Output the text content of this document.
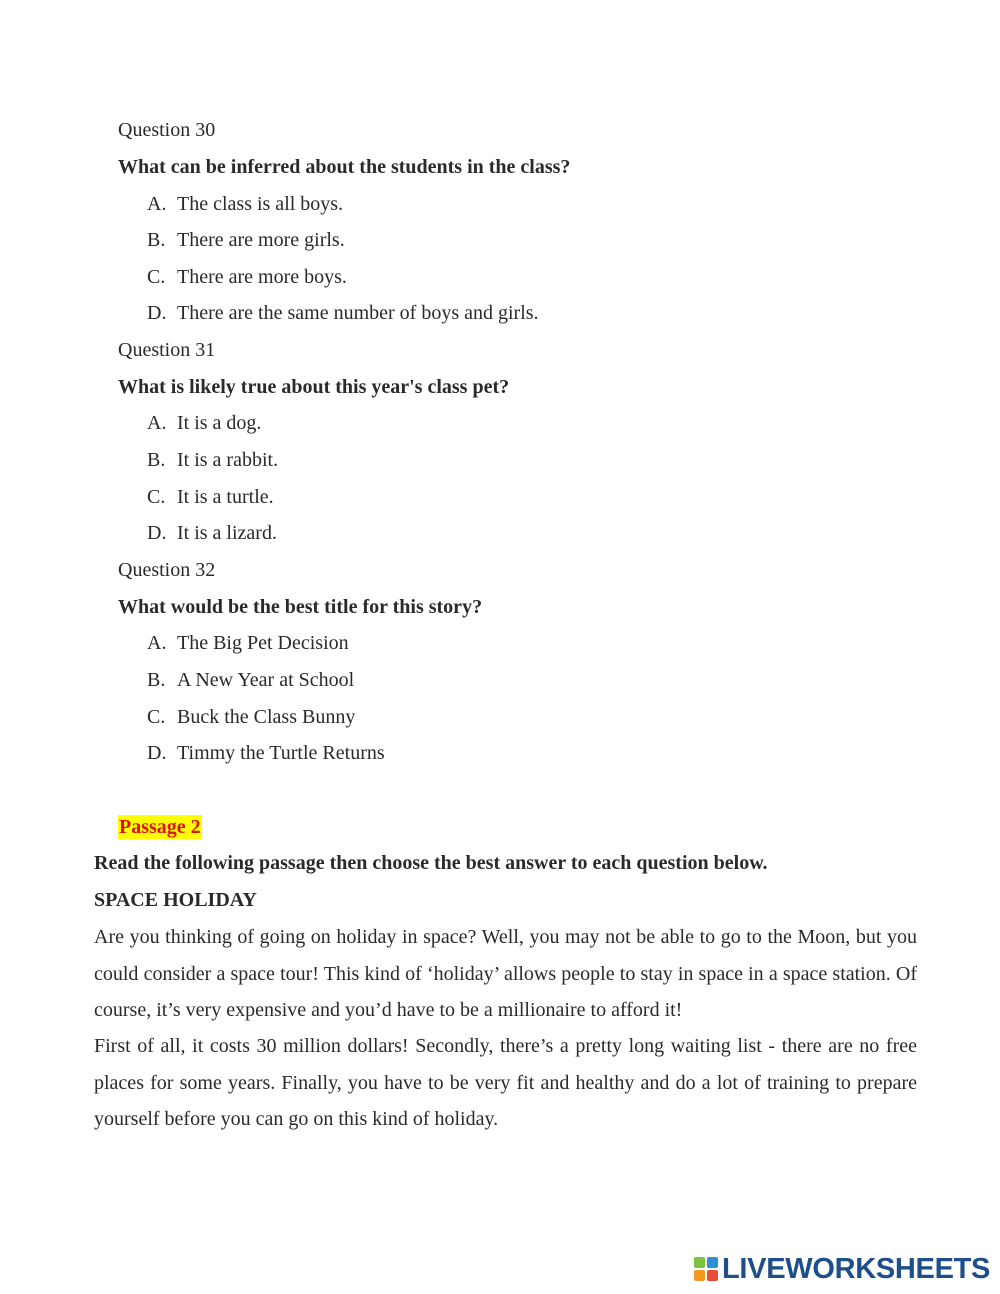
Question 30
What can be inferred about the students in the class?
A. The class is all boys.
B. There are more girls.
C. There are more boys.
D. There are the same number of boys and girls.
Question 31
What is likely true about this year's class pet?
A. It is a dog.
B. It is a rabbit.
C. It is a turtle.
D. It is a lizard.
Question 32
What would be the best title for this story?
A. The Big Pet Decision
B. A New Year at School
C. Buck the Class Bunny
D. Timmy the Turtle Returns
Passage 2
Read the following passage then choose the best answer to each question below.
SPACE HOLIDAY

Are you thinking of going on holiday in space? Well, you may not be able to go to the Moon, but you could consider a space tour! This kind of ‘holiday’ allows people to stay in space in a space station. Of course, it’s very expensive and you’d have to be a millionaire to afford it!

First of all, it costs 30 million dollars! Secondly, there’s a pretty long waiting list - there are no free places for some years. Finally, you have to be very fit and healthy and do a lot of training to prepare yourself before you can go on this kind of holiday.

LIVEWORKSHEETS
